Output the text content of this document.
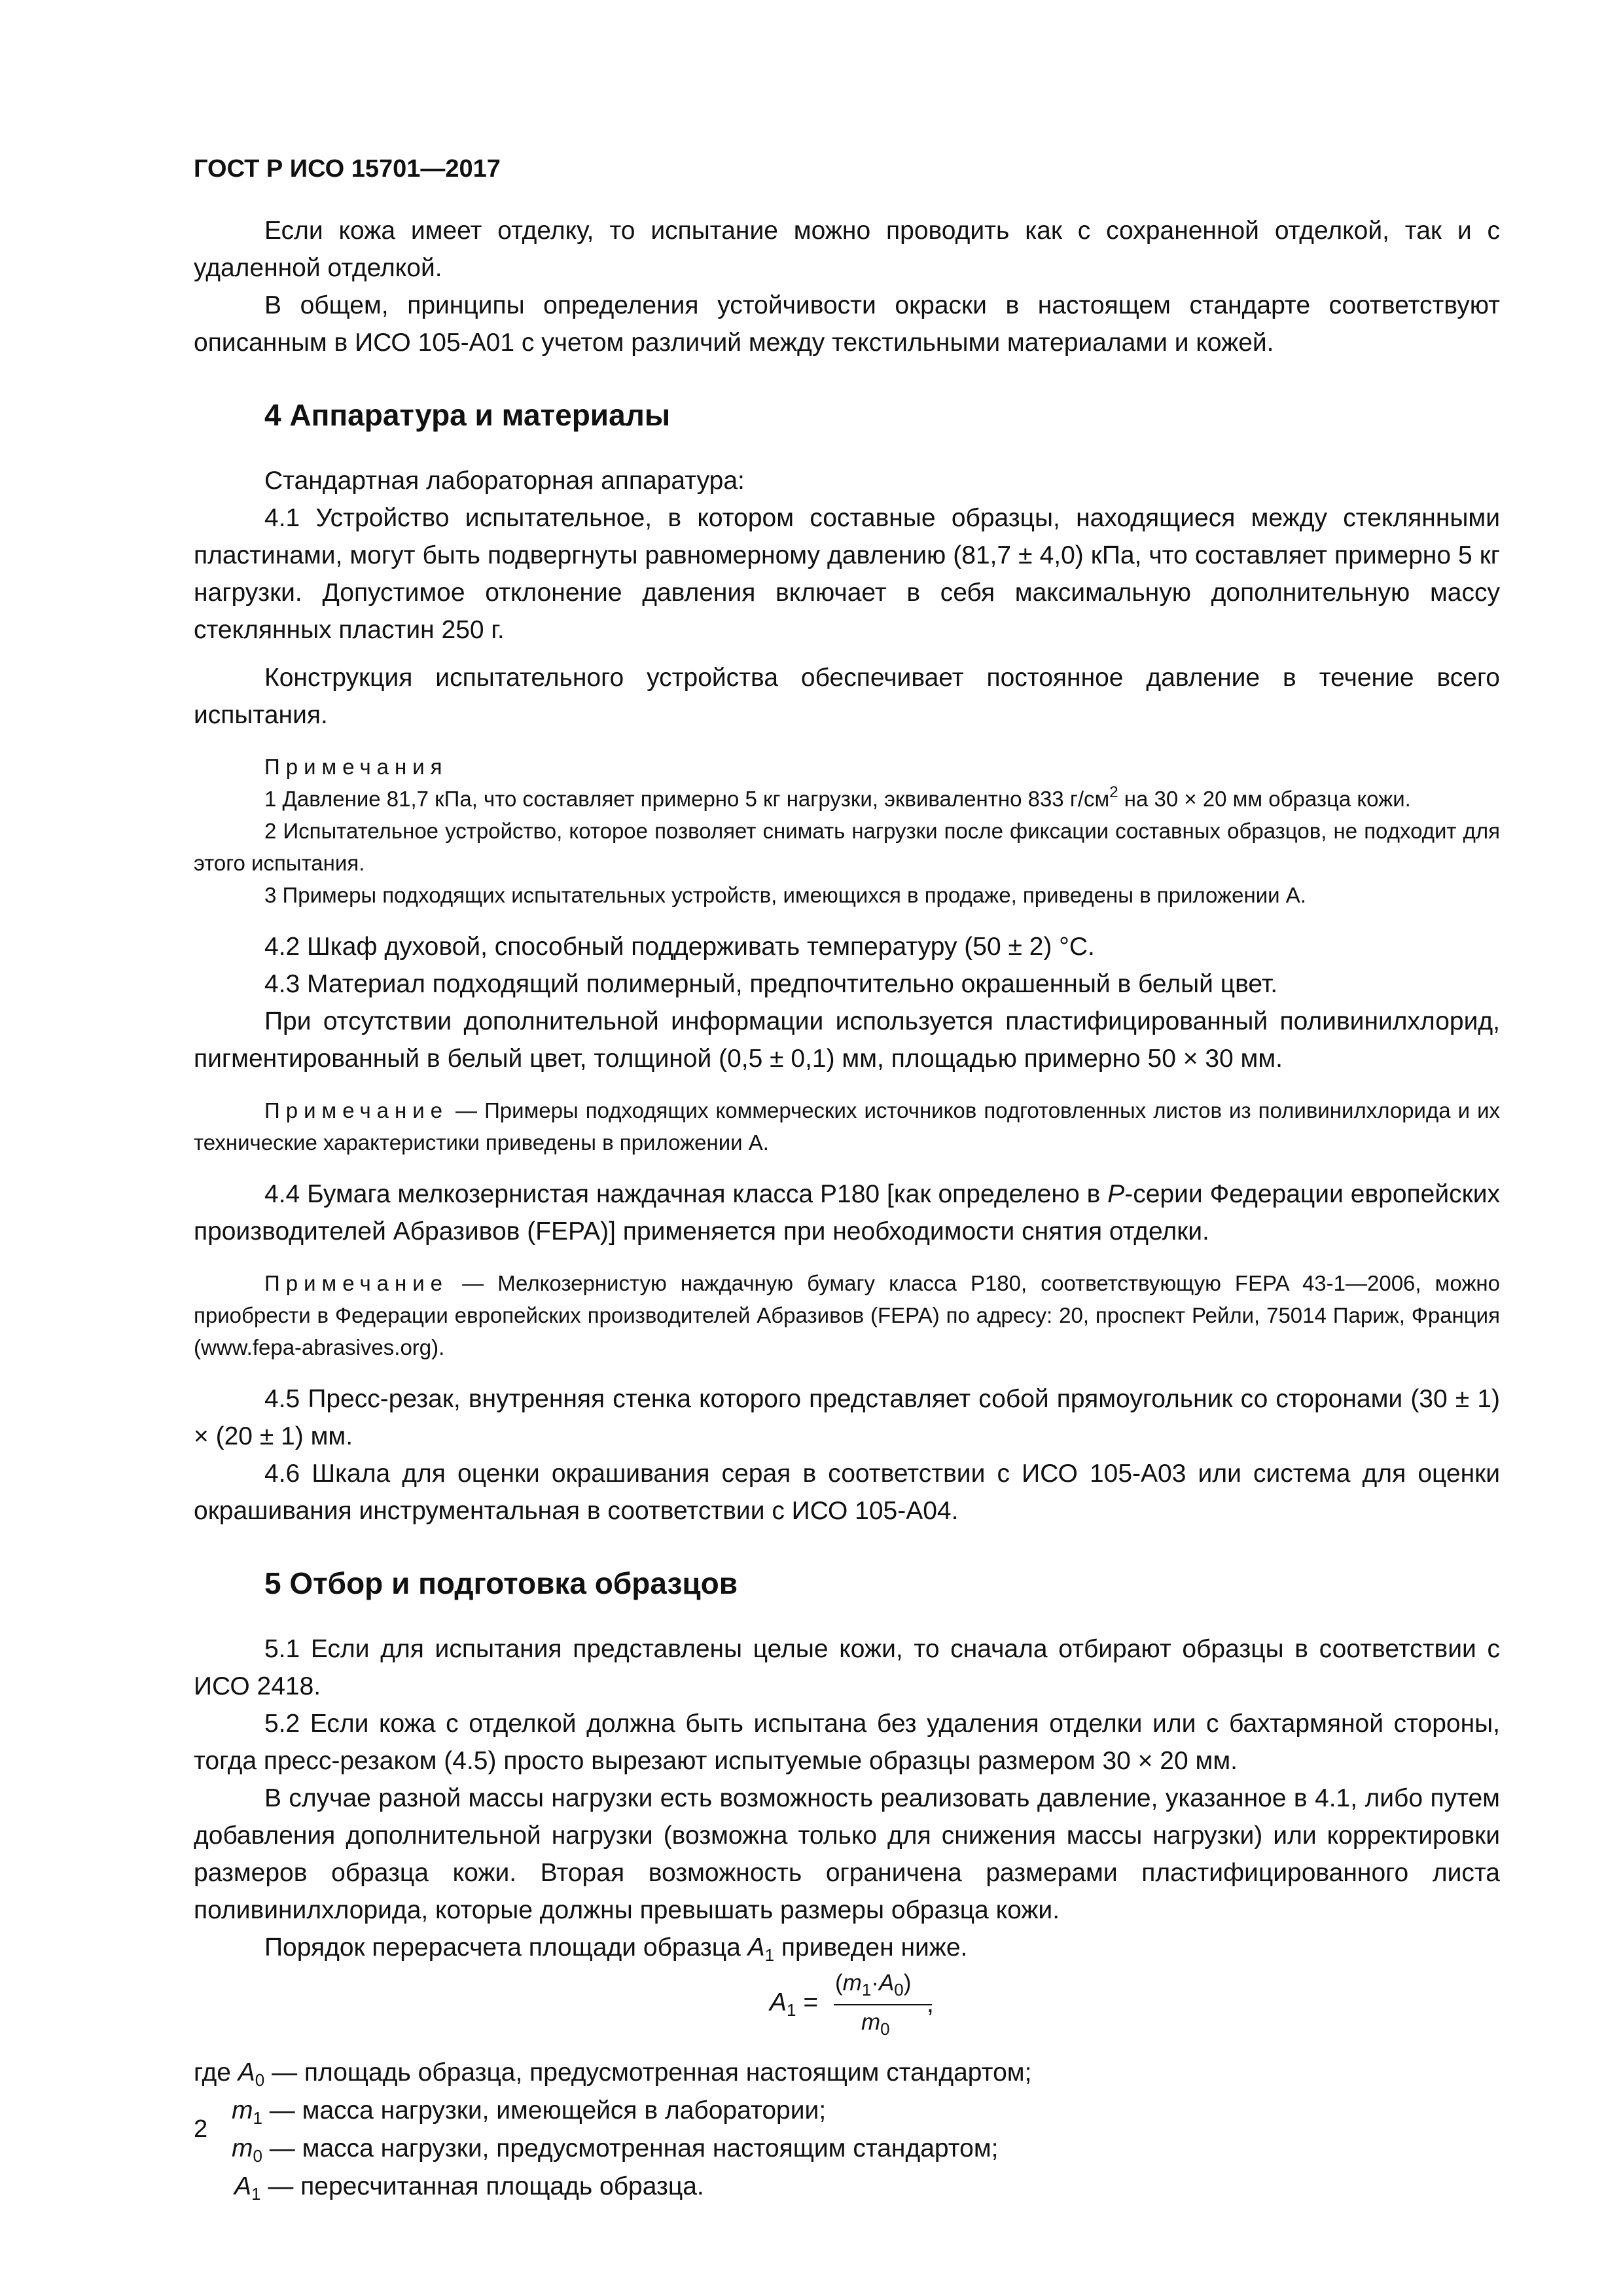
ГОСТ Р ИСО 15701—2017

Если кожа имеет отделку, то испытание можно проводить как с сохраненной отделкой, так и с удаленной отделкой.

В общем, принципы определения устойчивости окраски в настоящем стандарте соответствуют описанным в ИСО 105-А01 с учетом различий между текстильными материалами и кожей.

4 Аппаратура и материалы

Стандартная лабораторная аппаратура:

4.1 Устройство испытательное, в котором составные образцы, находящиеся между стеклянными пластинами, могут быть подвергнуты равномерному давлению (81,7 ± 4,0) кПа, что составляет примерно 5 кг нагрузки. Допустимое отклонение давления включает в себя максимальную дополнительную массу стеклянных пластин 250 г.

Конструкция испытательного устройства обеспечивает постоянное давление в течение всего испытания.

Примечания

1 Давление 81,7 кПа, что составляет примерно 5 кг нагрузки, эквивалентно 833 $г/см^2$ на 30 × 20 мм образца кожи.

2 Испытательное устройство, которое позволяет снимать нагрузки после фиксации составных образцов, не подходит для этого испытания.

3 Примеры подходящих испытательных устройств, имеющихся в продаже, приведены в приложении А.

4.2 Шкаф духовой, способный поддерживать температуру (50 ± 2) °С.

4.3 Материал подходящий полимерный, предпочтительно окрашенный в белый цвет.

При отсутствии дополнительной информации используется пластифицированный поливинилхлорид, пигментированный в белый цвет, толщиной (0,5 ± 0,1) мм, площадью примерно 50 × 30 мм.

Примечание — Примеры подходящих коммерческих источников подготовленных листов из поливинилхлорида и их технические характеристики приведены в приложении А.

4.4 Бумага мелкозернистая наждачная класса Р180 [как определено в Р-серии Федерации европейских производителей Абразивов (FEPA)] применяется при необходимости снятия отделки.

Примечание — Мелкозернистую наждачную бумагу класса Р180, соответствующую FEPA 43-1—2006, можно приобрести в Федерации европейских производителей Абразивов (FEPA) по адресу: 20, проспект Рейли, 75014 Париж, Франция (www.fepa-abrasives.org).

4.5 Пресс-резак, внутренняя стенка которого представляет собой прямоугольник со сторонами (30 ± 1) × (20 ± 1) мм.

4.6 Шкала для оценки окрашивания серая в соответствии с ИСО 105-А03 или система для оценки окрашивания инструментальная в соответствии с ИСО 105-А04.

5 Отбор и подготовка образцов

5.1 Если для испытания представлены целые кожи, то сначала отбирают образцы в соответствии с ИСО 2418.

5.2 Если кожа с отделкой должна быть испытана без удаления отделки или с бахтармяной стороны, тогда пресс-резаком (4.5) просто вырезают испытуемые образцы размером 30 × 20 мм.

В случае разной массы нагрузки есть возможность реализовать давление, указанное в 4.1, либо путем добавления дополнительной нагрузки (возможна только для снижения массы нагрузки) или корректировки размеров образца кожи. Вторая возможность ограничена размерами пластифицированного листа поливинилхлорида, которые должны превышать размеры образца кожи.

Порядок перерасчета площади образца $A_1$ приведен ниже.

$A_1$ =
$(m_1\cdot A_0)$
,
$m_0$
где $A_0$ — площадь образца, предусмотренная настоящим стандартом;
$m_1$ — масса нагрузки, имеющейся в лаборатории;
$m_0$ — масса нагрузки, предусмотренная настоящим стандартом;
$A_1$ — пересчитанная площадь образца.
2
